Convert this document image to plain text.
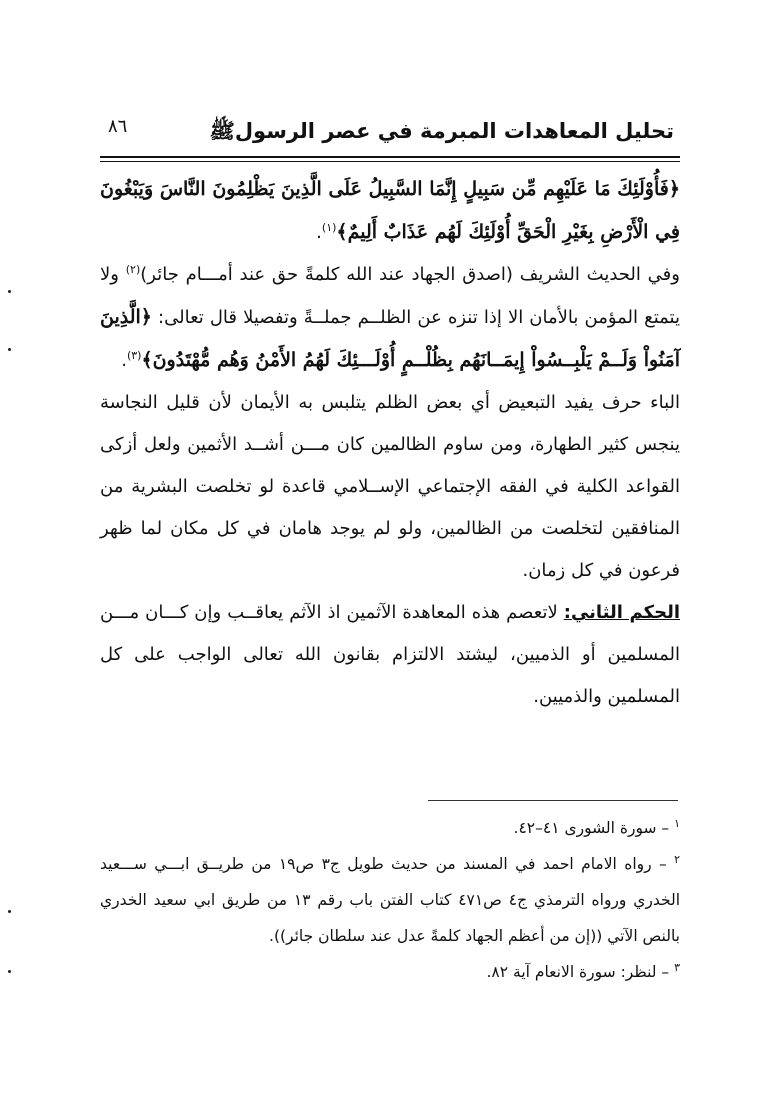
تحليل المعاهدات المبرمة في عصر الرسولﷺ
٨٦

﴿فَأُوْلَئِكَ مَا عَلَيْهِم مِّن سَبِيلٍ إِنَّمَا السَّبِيلُ عَلَى الَّذِينَ يَظْلِمُونَ النَّاسَ وَيَبْغُونَ فِي الْأَرْضِ بِغَيْرِ الْحَقِّ أُوْلَئِكَ لَهُم عَذَابٌ أَلِيمٌ﴾$^{(١)}$.

وفي الحديث الشريف (اصدق الجهاد عند الله كلمةً حق عند أمـــام جائر)$^{(٢)}$ ولا يتمتع المؤمن بالأمان الا إذا تنزه عن الظلــم جملــةً وتفصيلا قال تعالى: ﴿الَّذِينَ آمَنُواْ وَلَــمْ يَلْبِــسُواْ إِيمَــانَهُم بِظُلْــمٍ أُوْلَـــئِكَ لَهُمُ الأَمْنُ وَهُم مُّهْتَدُونَ﴾$^{(٣)}$.

الباء حرف يفيد التبعيض أي بعض الظلم يتلبس به الأيمان لأن قليل النجاسة ينجس كثير الطهارة، ومن ساوم الظالمين كان مـــن أشــد الأثمين ولعل أزكى القواعد الكلية في الفقه الإجتماعي الإســلامي قاعدة لو تخلصت البشرية من المنافقين لتخلصت من الظالمين، ولو لم يوجد هامان في كل مكان لما ظهر فرعون في كل زمان.

الحكم الثاني: لاتعصم هذه المعاهدة الآثمين اذ الآثم يعاقــب وإن كـــان مـــن المسلمين أو الذميين، ليشتد الالتزام بقانون الله تعالى الواجب على كل المسلمين والذميين.

$^١$ – سورة الشورى ٤١–٤٢.

$^٢$ – رواه الامام احمد في المسند من حديث طويل ج٣ ص١٩ من طريــق ابـــي ســـعيد الخدري ورواه الترمذي ج٤ ص٤٧١ كتاب الفتن باب رقم ١٣ من طريق ابي سعيد الخدري بالنص الآتي ((إن من أعظم الجهاد كلمةً عدل عند سلطان جائر)).

$^٣$ – لنظر: سورة الانعام آية ٨٢.
